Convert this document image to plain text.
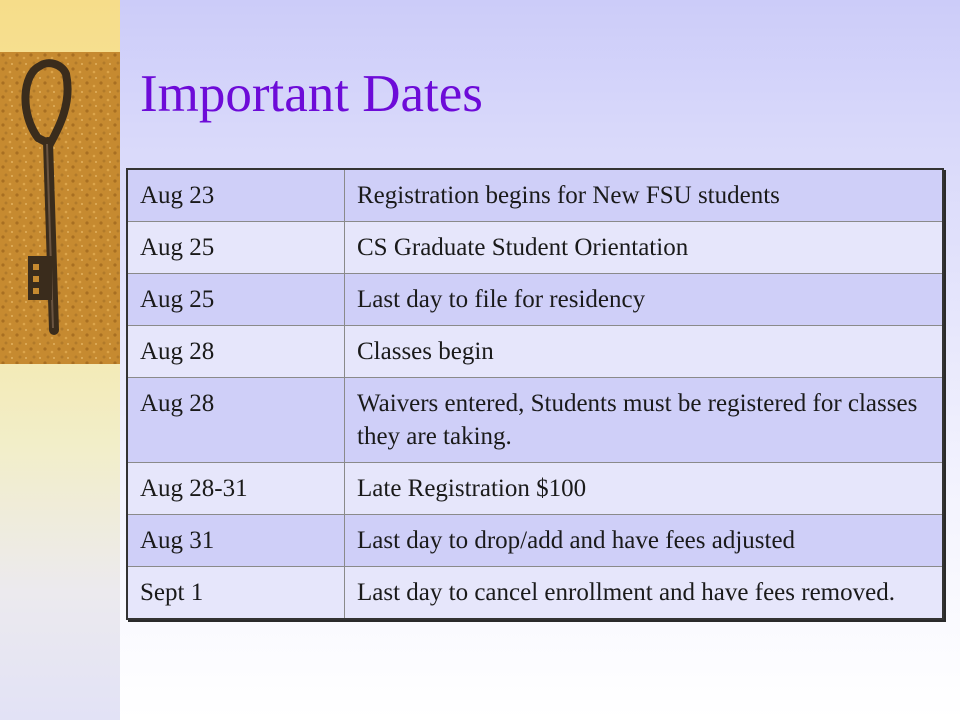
Important Dates
Aug 23	Registration begins for New FSU students
Aug 25	CS Graduate Student Orientation
Aug 25	Last day to file for residency
Aug 28	Classes begin
Aug 28	Waivers entered, Students must be registered for classes they are taking.
Aug 28-31	Late Registration $100
Aug 31	Last day to drop/add and have fees adjusted
Sept 1	Last day to cancel enrollment and have fees removed.
